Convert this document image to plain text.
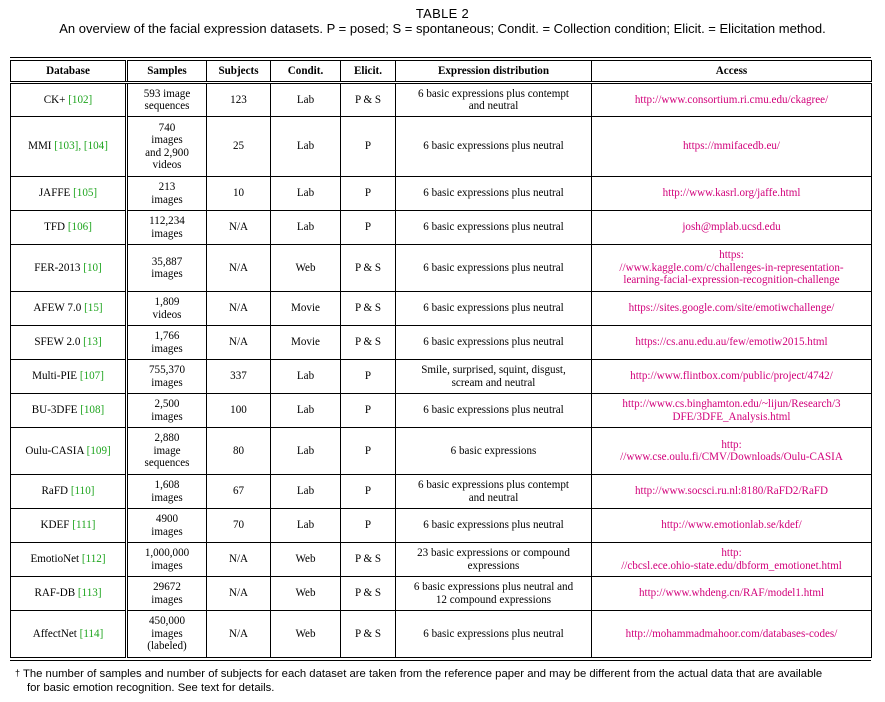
TABLE 2
An overview of the facial expression datasets. P = posed; S = spontaneous; Condit. = Collection condition; Elicit. = Elicitation method.
Database	Samples	Subjects	Condit.	Elicit.	Expression distribution	Access
CK+ [102]	593 image
sequences	123	Lab	P & S	6 basic expressions plus contempt
and neutral	http://www.consortium.ri.cmu.edu/ckagree/
MMI [103], [104]	740
images
and 2,900
videos	25	Lab	P	6 basic expressions plus neutral	https://mmifacedb.eu/
JAFFE [105]	213
images	10	Lab	P	6 basic expressions plus neutral	http://www.kasrl.org/jaffe.html
TFD [106]	112,234
images	N/A	Lab	P	6 basic expressions plus neutral	josh@mplab.ucsd.edu
FER-2013 [10]	35,887
images	N/A	Web	P & S	6 basic expressions plus neutral	https:
//www.kaggle.com/c/challenges-in-representation-
learning-facial-expression-recognition-challenge
AFEW 7.0 [15]	1,809
videos	N/A	Movie	P & S	6 basic expressions plus neutral	https://sites.google.com/site/emotiwchallenge/
SFEW 2.0 [13]	1,766
images	N/A	Movie	P & S	6 basic expressions plus neutral	https://cs.anu.edu.au/few/emotiw2015.html
Multi-PIE [107]	755,370
images	337	Lab	P	Smile, surprised, squint, disgust,
scream and neutral	http://www.flintbox.com/public/project/4742/
BU-3DFE [108]	2,500
images	100	Lab	P	6 basic expressions plus neutral	http://www.cs.binghamton.edu/~lijun/Research/3
DFE/3DFE_Analysis.html
Oulu-CASIA [109]	2,880
image
sequences	80	Lab	P	6 basic expressions	http:
//www.cse.oulu.fi/CMV/Downloads/Oulu-CASIA
RaFD [110]	1,608
images	67	Lab	P	6 basic expressions plus contempt
and neutral	http://www.socsci.ru.nl:8180/RaFD2/RaFD
KDEF [111]	4900
images	70	Lab	P	6 basic expressions plus neutral	http://www.emotionlab.se/kdef/
EmotioNet [112]	1,000,000
images	N/A	Web	P & S	23 basic expressions or compound
expressions	http:
//cbcsl.ece.ohio-state.edu/dbform_emotionet.html
RAF-DB [113]	29672
images	N/A	Web	P & S	6 basic expressions plus neutral and
12 compound expressions	http://www.whdeng.cn/RAF/model1.html
AffectNet [114]	450,000
images
(labeled)	N/A	Web	P & S	6 basic expressions plus neutral	http://mohammadmahoor.com/databases-codes/
† The number of samples and number of subjects for each dataset are taken from the reference paper and may be different from the actual data that are available
for basic emotion recognition. See text for details.
